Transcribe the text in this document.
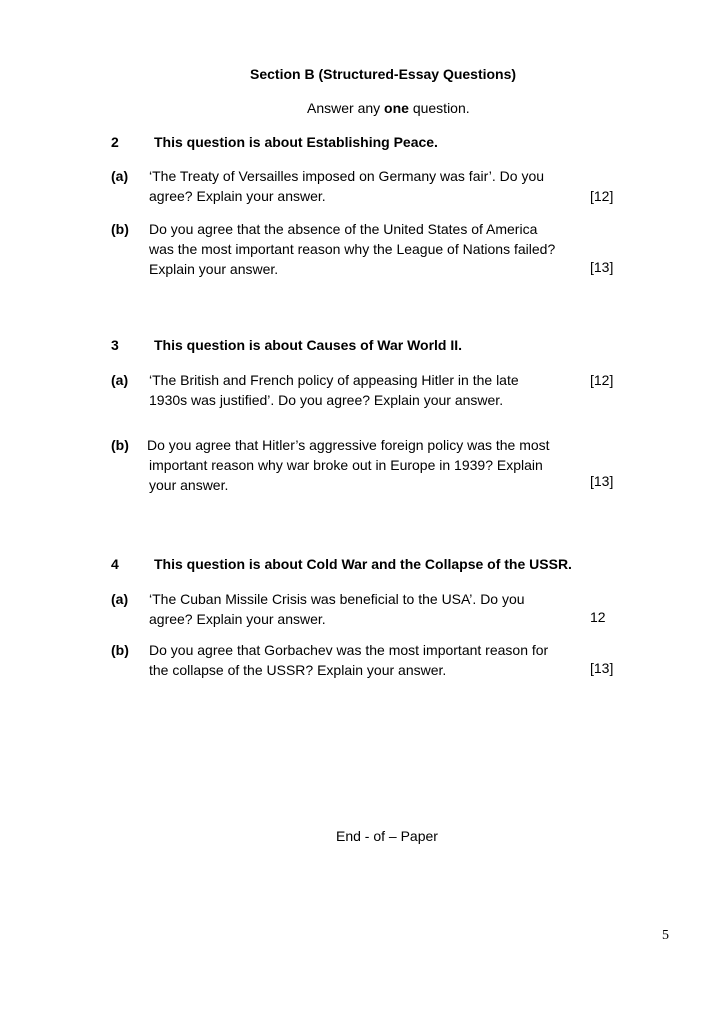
Section B (Structured-Essay Questions)
Answer any one question.
2	This question is about Establishing Peace.
(a) ‘The Treaty of Versailles imposed on Germany was fair’. Do you
agree? Explain your answer.	[12]
(b) Do you agree that the absence of the United States of America
was the most important reason why the League of Nations failed?
Explain your answer.	[13]
3	This question is about Causes of War World II.
(a) ‘The British and French policy of appeasing Hitler in the late
1930s was justified’. Do you agree? Explain your answer.
[12]
(b) Do you agree that Hitler’s aggressive foreign policy was the most
important reason why war broke out in Europe in 1939? Explain
your answer.	[13]
4	This question is about Cold War and the Collapse of the USSR.
(a) ‘The Cuban Missile Crisis was beneficial to the USA’. Do you
agree? Explain your answer.	12
(b) Do you agree that Gorbachev was the most important reason for
the collapse of the USSR? Explain your answer.	[13]
End - of – Paper
5
